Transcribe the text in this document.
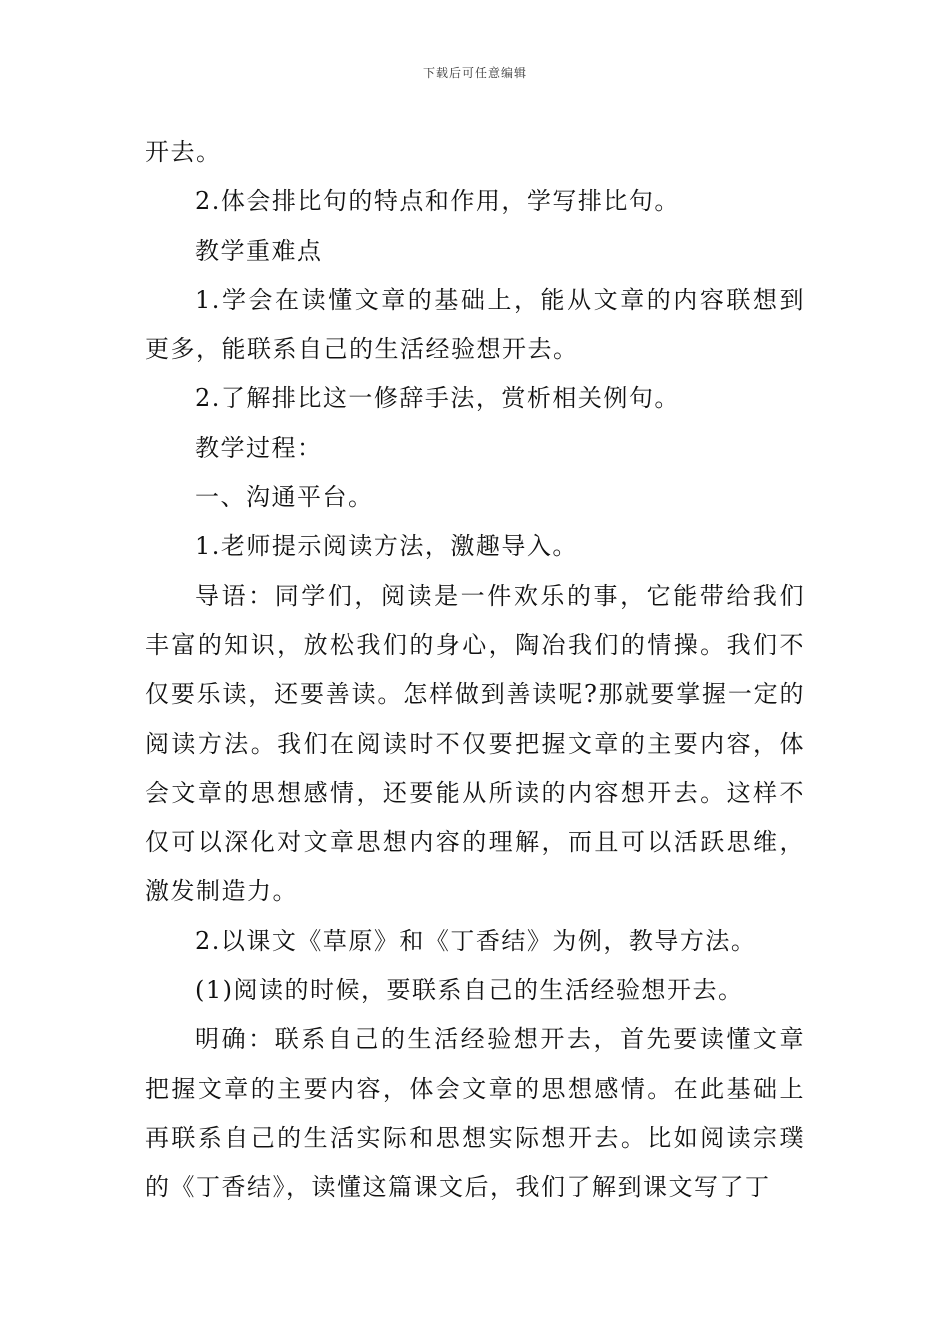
下载后可任意编辑

开去。

2.体会排比句的特点和作用，学写排比句。

教学重难点

1.学会在读懂文章的基础上，能从文章的内容联想到更多，能联系自己的生活经验想开去。

2.了解排比这一修辞手法，赏析相关例句。

教学过程：

一、沟通平台。

1.老师提示阅读方法，激趣导入。

导语：同学们，阅读是一件欢乐的事，它能带给我们丰富的知识，放松我们的身心，陶冶我们的情操。我们不仅要乐读，还要善读。怎样做到善读呢?那就要掌握一定的阅读方法。我们在阅读时不仅要把握文章的主要内容，体会文章的思想感情，还要能从所读的内容想开去。这样不仅可以深化对文章思想内容的理解，而且可以活跃思维，激发制造力。

2.以课文《草原》和《丁香结》为例，教导方法。

(1)阅读的时候，要联系自己的生活经验想开去。

明确：联系自己的生活经验想开去，首先要读懂文章把握文章的主要内容，体会文章的思想感情。在此基础上再联系自己的生活实际和思想实际想开去。比如阅读宗璞的《丁香结》，读懂这篇课文后，我们了解到课文写了丁
